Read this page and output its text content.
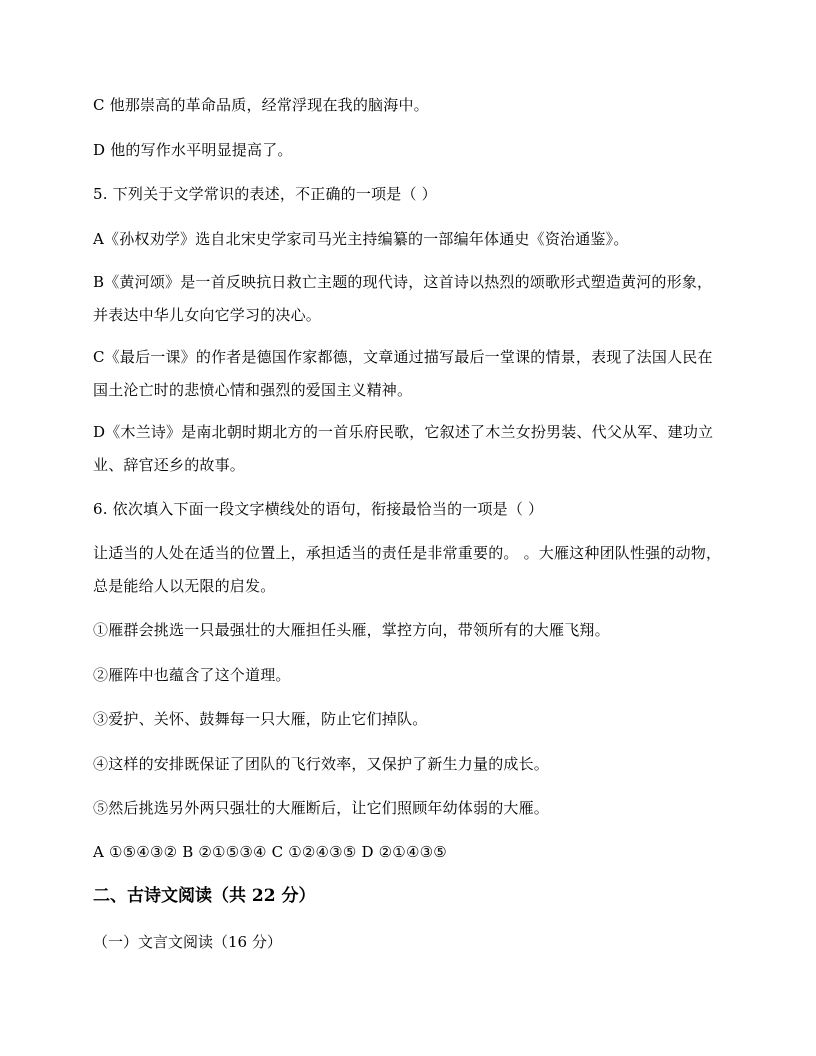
C 他那崇高的革命品质，经常浮现在我的脑海中。
D 他的写作水平明显提高了。
5. 下列关于文学常识的表述，不正确的一项是（ ）
A《孙权劝学》选自北宋史学家司马光主持编纂的一部编年体通史《资治通鉴》。
B《黄河颂》是一首反映抗日救亡主题的现代诗，这首诗以热烈的颂歌形式塑造黄河的形象，并表达中华儿女向它学习的决心。
C《最后一课》的作者是德国作家都德，文章通过描写最后一堂课的情景，表现了法国人民在国土沦亡时的悲愤心情和强烈的爱国主义精神。
D《木兰诗》是南北朝时期北方的一首乐府民歌，它叙述了木兰女扮男装、代父从军、建功立业、辞官还乡的故事。
6. 依次填入下面一段文字横线处的语句，衔接最恰当的一项是（ ）
让适当的人处在适当的位置上，承担适当的责任是非常重要的。 。大雁这种团队性强的动物，总是能给人以无限的启发。
①雁群会挑选一只最强壮的大雁担任头雁，掌控方向，带领所有的大雁飞翔。
②雁阵中也蕴含了这个道理。
③爱护、关怀、鼓舞每一只大雁，防止它们掉队。
④这样的安排既保证了团队的飞行效率，又保护了新生力量的成长。
⑤然后挑选另外两只强壮的大雁断后，让它们照顾年幼体弱的大雁。
A ①⑤④③② B ②①⑤③④ C ①②④③⑤ D ②①④③⑤
二、古诗文阅读（共 22 分）
（一）文言文阅读（16 分）
